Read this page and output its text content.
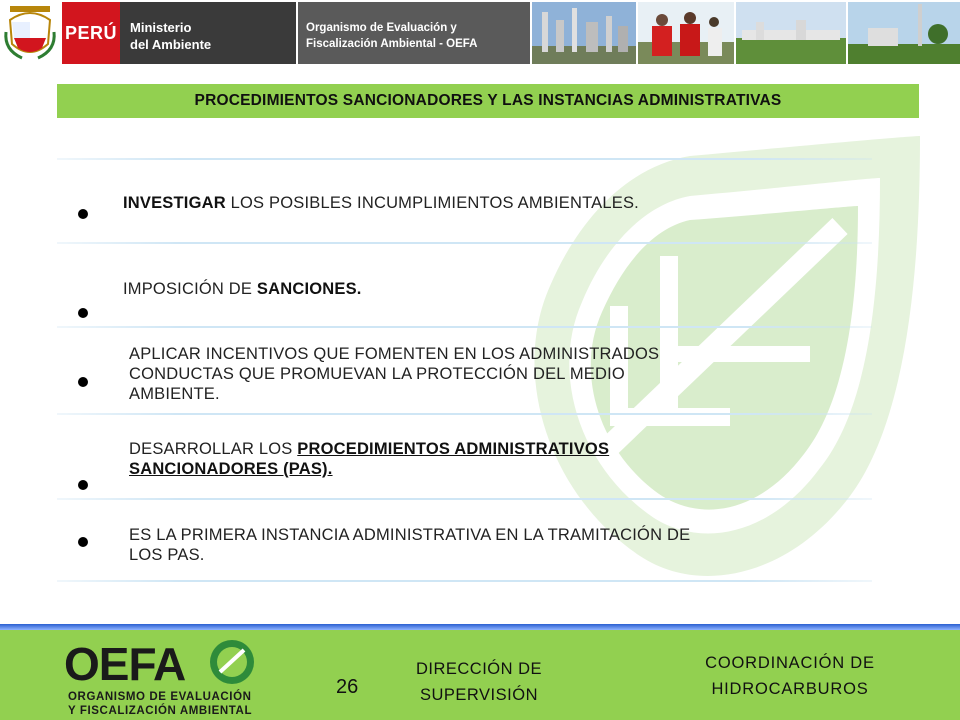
PERÚ Ministerio
del Ambiente
Organismo de Evaluación y
Fiscalización Ambiental - OEFA
PROCEDIMIENTOS SANCIONADORES Y LAS INSTANCIAS ADMINISTRATIVAS
INVESTIGAR LOS POSIBLES INCUMPLIMIENTOS AMBIENTALES.
IMPOSICIÓN DE SANCIONES.
APLICAR INCENTIVOS QUE FOMENTEN EN LOS ADMINISTRADOS
CONDUCTAS QUE PROMUEVAN LA PROTECCIÓN DEL MEDIO
AMBIENTE.
DESARROLLAR LOS PROCEDIMIENTOS ADMINISTRATIVOS
SANCIONADORES (PAS).
ES LA PRIMERA INSTANCIA ADMINISTRATIVA EN LA TRAMITACIÓN DE
LOS PAS.
OEFA
ORGANISMO DE EVALUACIÓN
Y FISCALIZACIÓN AMBIENTAL
26
DIRECCIÓN DE
SUPERVISIÓN
COORDINACIÓN DE
HIDROCARBUROS
